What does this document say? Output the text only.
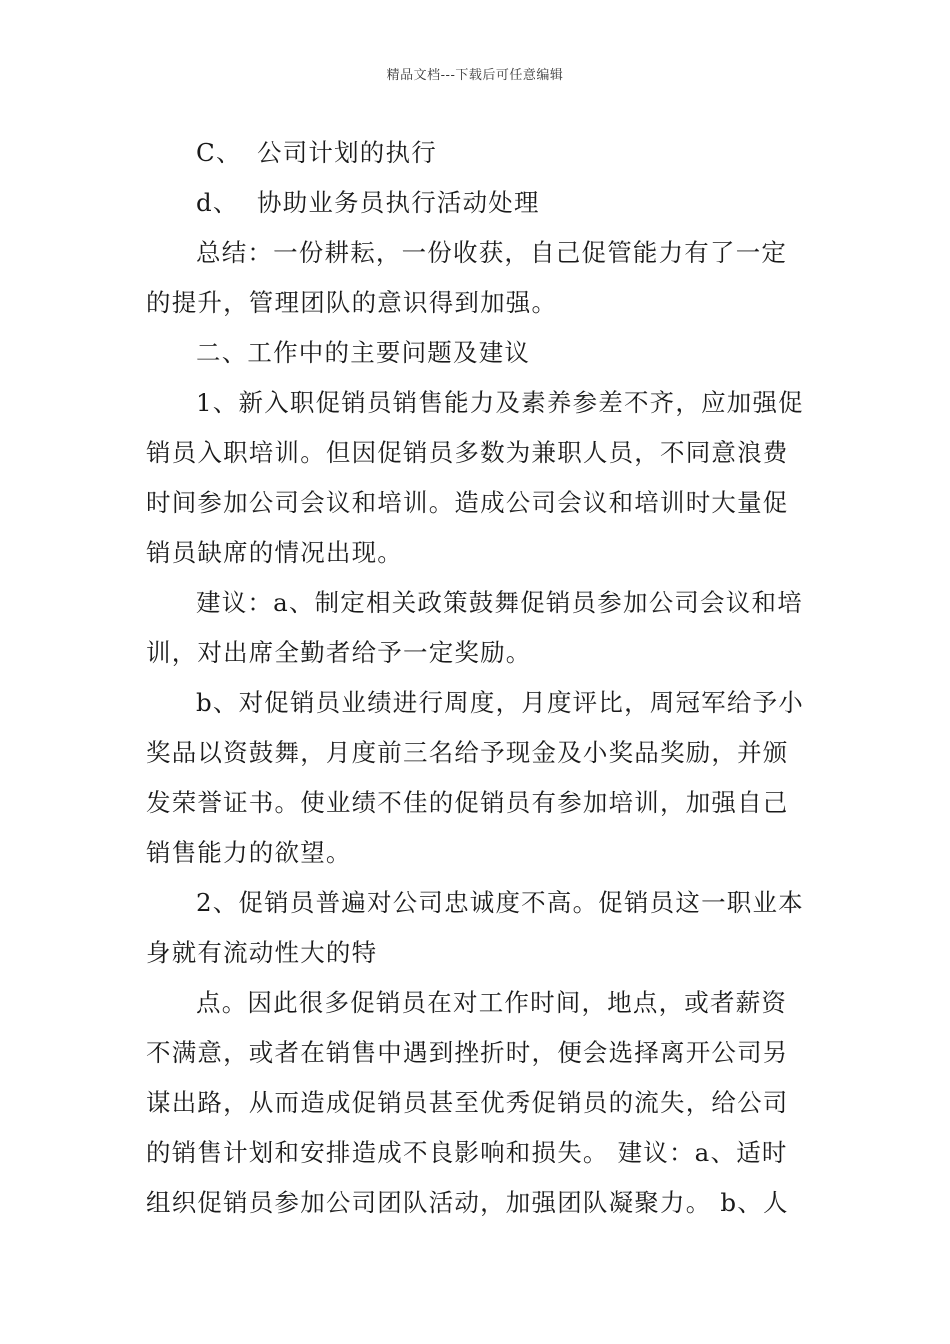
精品文档---下载后可任意编辑
C、 公司计划的执行
d、 协助业务员执行活动处理
总结：一份耕耘，一份收获，自己促管能力有了一定
的提升，管理团队的意识得到加强。
二、工作中的主要问题及建议
1、新入职促销员销售能力及素养参差不齐，应加强促
销员入职培训。但因促销员多数为兼职人员，不同意浪费
时间参加公司会议和培训。造成公司会议和培训时大量促
销员缺席的情况出现。
建议：a、制定相关政策鼓舞促销员参加公司会议和培
训，对出席全勤者给予一定奖励。
b、对促销员业绩进行周度，月度评比，周冠军给予小
奖品以资鼓舞，月度前三名给予现金及小奖品奖励，并颁
发荣誉证书。使业绩不佳的促销员有参加培训，加强自己
销售能力的欲望。
2、促销员普遍对公司忠诚度不高。促销员这一职业本
身就有流动性大的特
点。因此很多促销员在对工作时间，地点，或者薪资
不满意，或者在销售中遇到挫折时，便会选择离开公司另
谋出路，从而造成促销员甚至优秀促销员的流失，给公司
的销售计划和安排造成不良影响和损失。 建议：a、适时
组织促销员参加公司团队活动，加强团队凝聚力。 b、人
